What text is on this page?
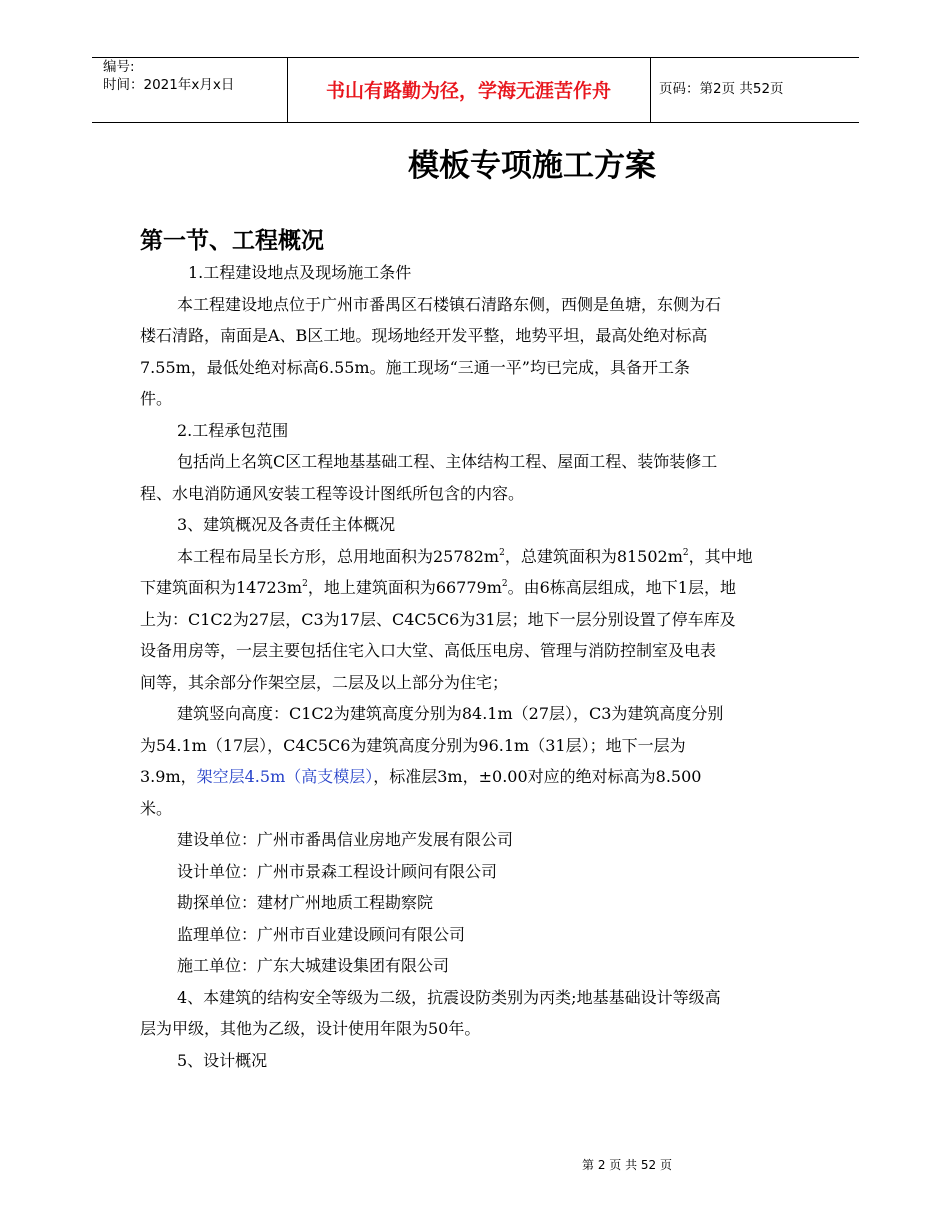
编号:
时间：2021年x月x日	书山有路勤为径，学海无涯苦作舟	页码：第2页 共52页
模板专项施工方案
第一节、工程概况

1.工程建设地点及现场施工条件

本工程建设地点位于广州市番禺区石楼镇石清路东侧，西侧是鱼塘，东侧为石

楼石清路，南面是A、B区工地。现场地经开发平整，地势平坦，最高处绝对标高

7.55m，最低处绝对标高6.55m。施工现场“三通一平”均已完成，具备开工条

件。

2.工程承包范围

包括尚上名筑C区工程地基基础工程、主体结构工程、屋面工程、装饰装修工

程、水电消防通风安装工程等设计图纸所包含的内容。

3、建筑概况及各责任主体概况

本工程布局呈长方形，总用地面积为$25782m^2$，总建筑面积为$81502m^2$，其中地

下建筑面积为$14723m^2$，地上建筑面积为$66779m^2$。由6栋高层组成，地下1层，地

上为：C1C2为27层，C3为17层、C4C5C6为31层；地下一层分别设置了停车库及

设备用房等，一层主要包括住宅入口大堂、高低压电房、管理与消防控制室及电表

间等，其余部分作架空层，二层及以上部分为住宅；

建筑竖向高度：C1C2为建筑高度分别为84.1m（27层），C3为建筑高度分别

为54.1m（17层），C4C5C6为建筑高度分别为96.1m（31层）；地下一层为

3.9m，架空层4.5m（高支模层），标准层3m，±0.00对应的绝对标高为8.500

米。

建设单位：广州市番禺信业房地产发展有限公司

设计单位：广州市景森工程设计顾问有限公司

勘探单位：建材广州地质工程勘察院

监理单位：广州市百业建设顾问有限公司

施工单位：广东大城建设集团有限公司

4、本建筑的结构安全等级为二级，抗震设防类别为丙类;地基基础设计等级高

层为甲级，其他为乙级，设计使用年限为50年。

5、设计概况

第 2 页 共 52 页
